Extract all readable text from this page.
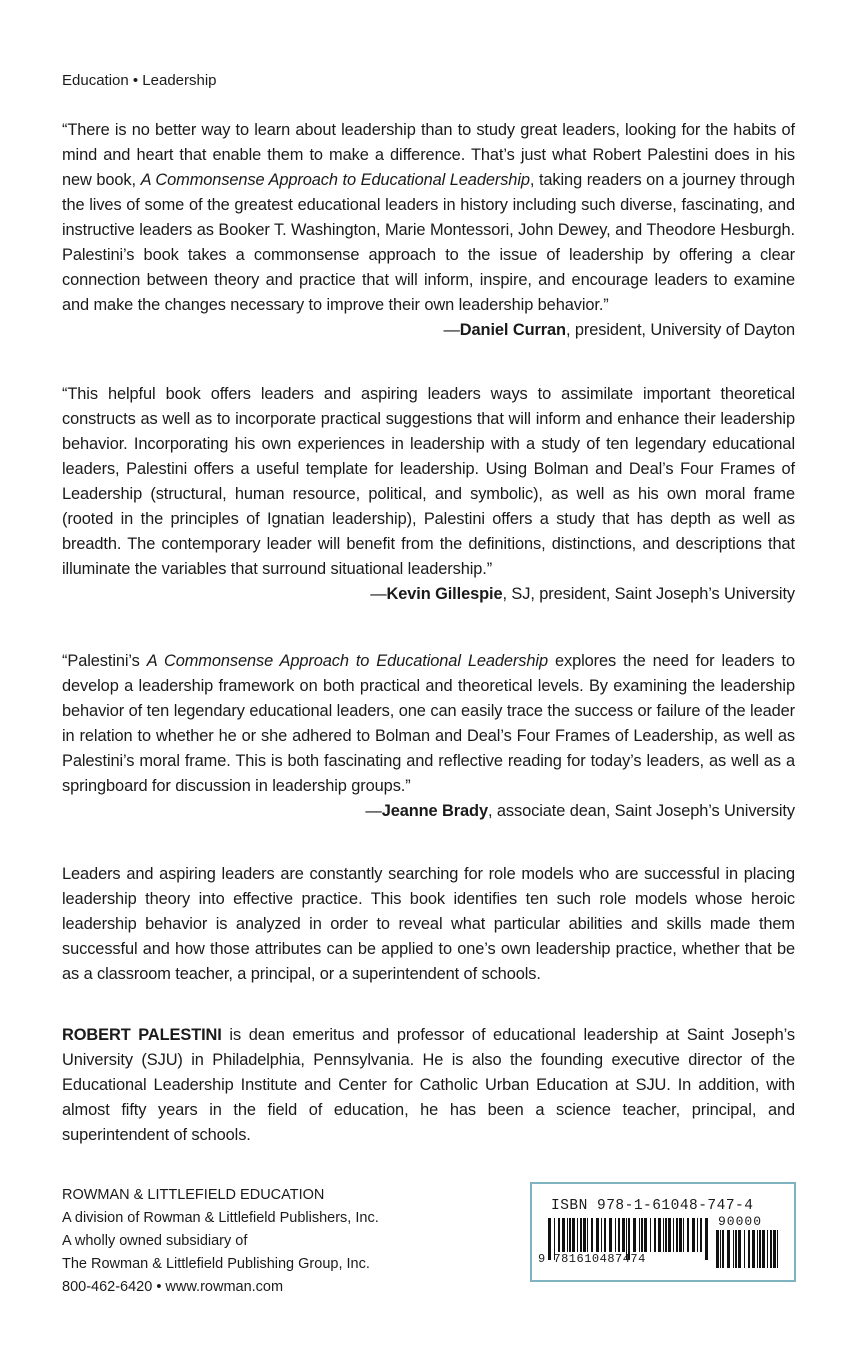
Education • Leadership
“There is no better way to learn about leadership than to study great leaders, looking for the habits of mind and heart that enable them to make a difference. That’s just what Robert Palestini does in his new book, A Commonsense Approach to Educational Leadership, taking readers on a journey through the lives of some of the greatest educational leaders in history including such diverse, fascinating, and instructive leaders as Booker T. Washington, Marie Montessori, John Dewey, and Theodore Hesburgh. Palestini’s book takes a commonsense approach to the issue of leadership by offering a clear connection between theory and practice that will inform, inspire, and encourage leaders to examine and make the changes necessary to improve their own leadership behavior.”
—Daniel Curran, president, University of Dayton
“This helpful book offers leaders and aspiring leaders ways to assimilate important theoretical constructs as well as to incorporate practical suggestions that will inform and enhance their leadership behavior. Incorporating his own experiences in leadership with a study of ten legendary educational leaders, Palestini offers a useful template for leadership. Using Bolman and Deal’s Four Frames of Leadership (structural, human resource, political, and symbolic), as well as his own moral frame (rooted in the principles of Ignatian leadership), Palestini offers a study that has depth as well as breadth. The contemporary leader will benefit from the definitions, distinctions, and descriptions that illuminate the variables that surround situational leadership.”
—Kevin Gillespie, SJ, president, Saint Joseph’s University
“Palestini’s A Commonsense Approach to Educational Leadership explores the need for leaders to develop a leadership framework on both practical and theoretical levels. By examining the leadership behavior of ten legendary educational leaders, one can easily trace the success or failure of the leader in relation to whether he or she adhered to Bolman and Deal’s Four Frames of Leadership, as well as Palestini’s moral frame. This is both fascinating and reflective reading for today’s leaders, as well as a springboard for discussion in leadership groups.”
—Jeanne Brady, associate dean, Saint Joseph’s University
Leaders and aspiring leaders are constantly searching for role models who are successful in placing leadership theory into effective practice. This book identifies ten such role models whose heroic leadership behavior is analyzed in order to reveal what particular abilities and skills made them successful and how those attributes can be applied to one’s own leadership practice, whether that be as a classroom teacher, a principal, or a superintendent of schools.
ROBERT PALESTINI is dean emeritus and professor of educational leadership at Saint Joseph’s University (SJU) in Philadelphia, Pennsylvania. He is also the founding executive director of the Educational Leadership Institute and Center for Catholic Urban Education at SJU. In addition, with almost fifty years in the field of education, he has been a science teacher, principal, and superintendent of schools.
ROWMAN & LITTLEFIELD EDUCATION
A division of Rowman & Littlefield Publishers, Inc.
A wholly owned subsidiary of
The Rowman & Littlefield Publishing Group, Inc.
800-462-6420 • www.rowman.com
ISBN 978-1-61048-747-4
90000
9 781610487474
